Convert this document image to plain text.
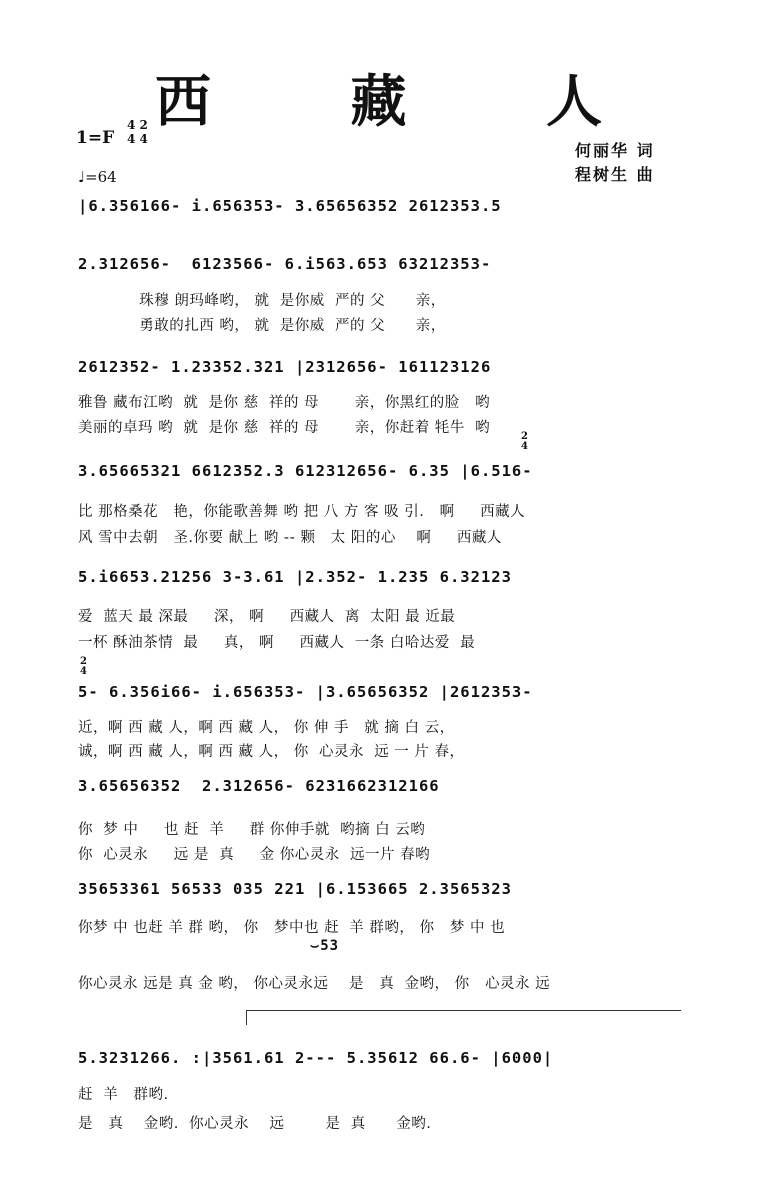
西 藏 人
1=F
4 2
4 4
♩=64
何丽华 词
程树生 曲
|6.356166- i.656353- 3.65656352 2612353.5
2.312656-  6123566- 6.i563.653 63212353-
珠穆 朗玛峰哟， 就  是你威  严的 父      亲，
勇敢的扎西 哟， 就  是你威  严的 父      亲，
2612352- 1.23352.321 |2312656- 161123126
雅鲁 藏布江哟  就  是你 慈  祥的 母       亲，你黑红的脸   哟
美丽的卓玛 哟  就  是你 慈  祥的 母       亲，你赶着 牦牛  哟
2
4
3.65665321 6612352.3 612312656- 6.35 |6.516-
比 那格桑花   艳，你能歌善舞 哟 把 八 方 客 吸 引.   啊     西藏人
风 雪中去朝   圣.你要 献上 哟 -- 颗   太 阳的心    啊     西藏人
5.i6653.21256 3-3.61 |2.352- 1.235 6.32123
爱  蓝天 最 深最     深， 啊     西藏人  离  太阳 最 近最
一杯 酥油茶情  最     真， 啊     西藏人  一条 白哈达爱  最
2
4
5- 6.356i66- i.656353- |3.65656352 |2612353-
近，啊 西 藏 人，啊 西 藏 人， 你 伸 手   就 摘 白 云，
诚，啊 西 藏 人，啊 西 藏 人， 你  心灵永  远 一 片 春，
3.65656352  2.312656- 6231662312166
你  梦 中     也 赶  羊     群 你伸手就  哟摘 白 云哟
你  心灵永     远 是  真     金 你心灵永  远一片 春哟
35653361 56533 035 221 |6.153665 2.3565323
你梦 中 也赶 羊 群 哟， 你   梦中也 赶  羊 群哟， 你   梦 中 也
⌣53
你心灵永 远是 真 金 哟， 你心灵永远    是   真  金哟， 你   心灵永 远
5.3231266. :|3561.61 2--- 5.35612 66.6- |6000|
赶  羊   群哟.
是   真    金哟.  你心灵永    远        是  真      金哟.
